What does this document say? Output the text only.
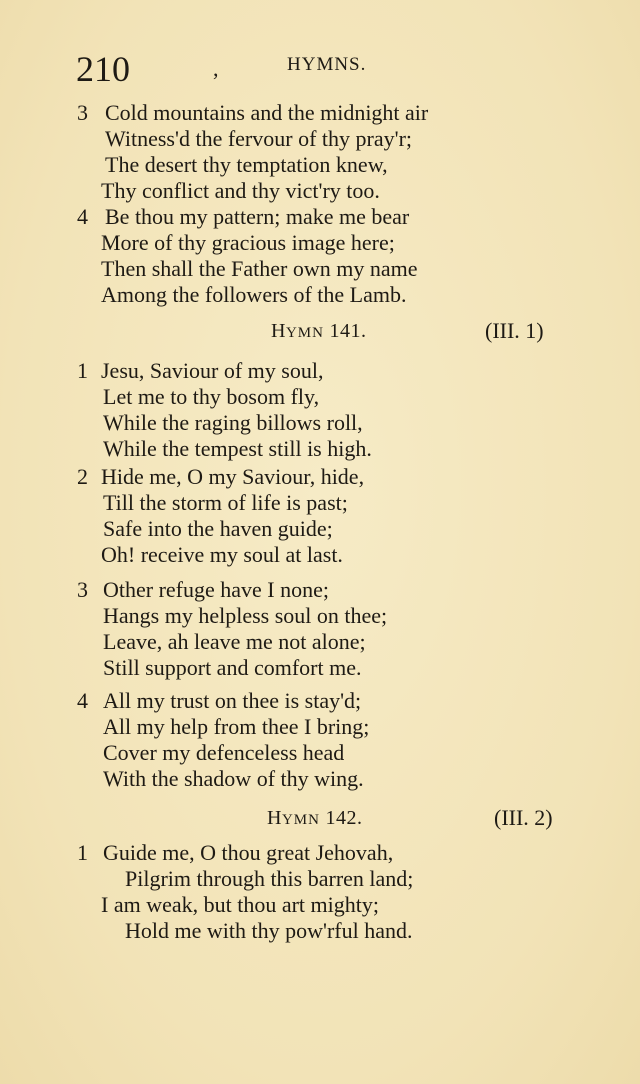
210	,	HYMNS.
3 Cold mountains and the midnight air
Witness'd the fervour of thy pray'r;
The desert thy temptation knew,
Thy conflict and thy vict'ry too.
4 Be thou my pattern; make me bear
More of thy gracious image here;
Then shall the Father own my name
Among the followers of the Lamb.
HYMN 141.	(III. 1)
1 Jesu, Saviour of my soul,
Let me to thy bosom fly,
While the raging billows roll,
While the tempest still is high.
2 Hide me, O my Saviour, hide,
Till the storm of life is past;
Safe into the haven guide;
Oh! receive my soul at last.
3 Other refuge have I none;
Hangs my helpless soul on thee;
Leave, ah leave me not alone;
Still support and comfort me.
4 All my trust on thee is stay'd;
All my help from thee I bring;
Cover my defenceless head
With the shadow of thy wing.
HYMN 142.	(III. 2)
1 Guide me, O thou great Jehovah,
Pilgrim through this barren land;
I am weak, but thou art mighty;
Hold me with thy pow'rful hand.
